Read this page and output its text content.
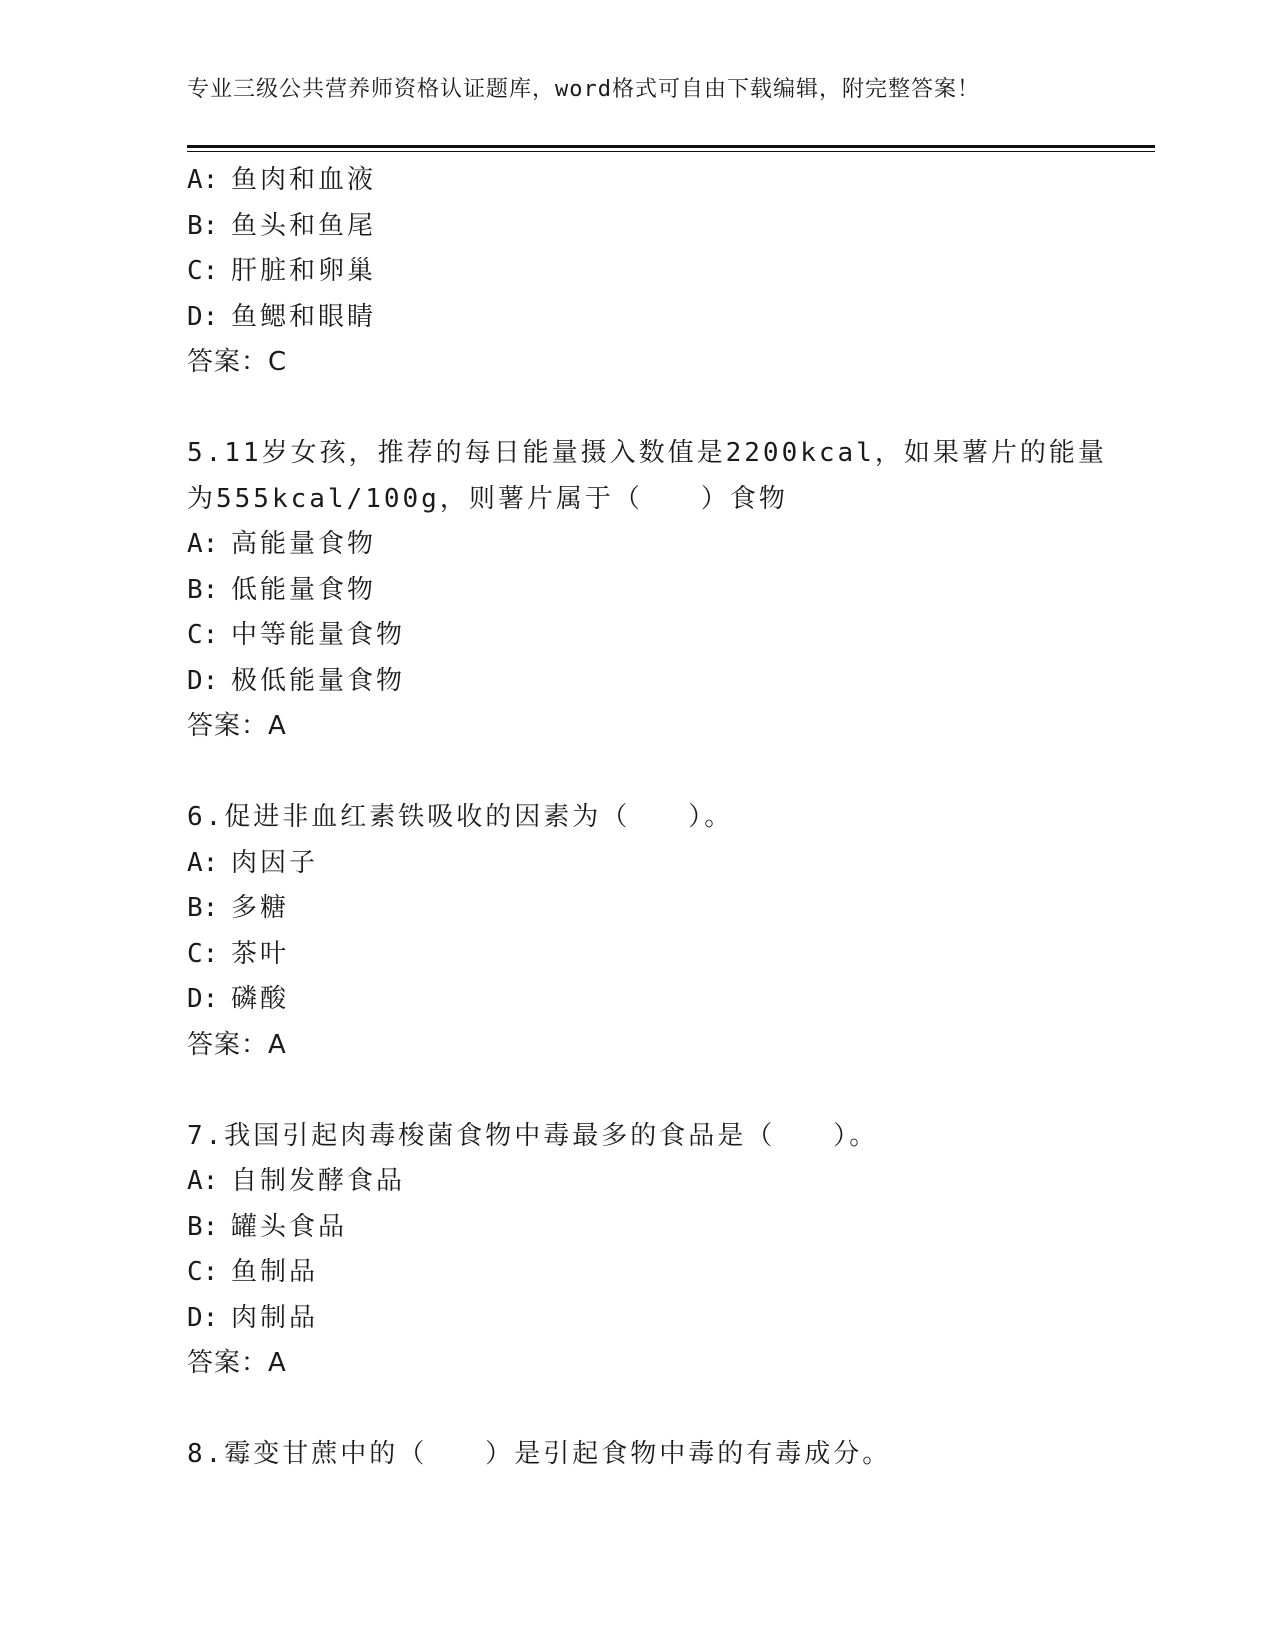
专业三级公共营养师资格认证题库，word格式可自由下载编辑，附完整答案！
A: 鱼肉和血液
B: 鱼头和鱼尾
C: 肝脏和卵巢
D: 鱼鳃和眼睛
答案：C
5.11岁女孩，推荐的每日能量摄入数值是2200kcal，如果薯片的能量
为555kcal/100g，则薯片属于（　　）食物
A: 高能量食物
B: 低能量食物
C: 中等能量食物
D: 极低能量食物
答案：A
6.促进非血红素铁吸收的因素为（　　）。
A: 肉因子
B: 多糖
C: 茶叶
D: 磷酸
答案：A
7.我国引起肉毒梭菌食物中毒最多的食品是（　　）。
A: 自制发酵食品
B: 罐头食品
C: 鱼制品
D: 肉制品
答案：A
8.霉变甘蔗中的（　　）是引起食物中毒的有毒成分。
